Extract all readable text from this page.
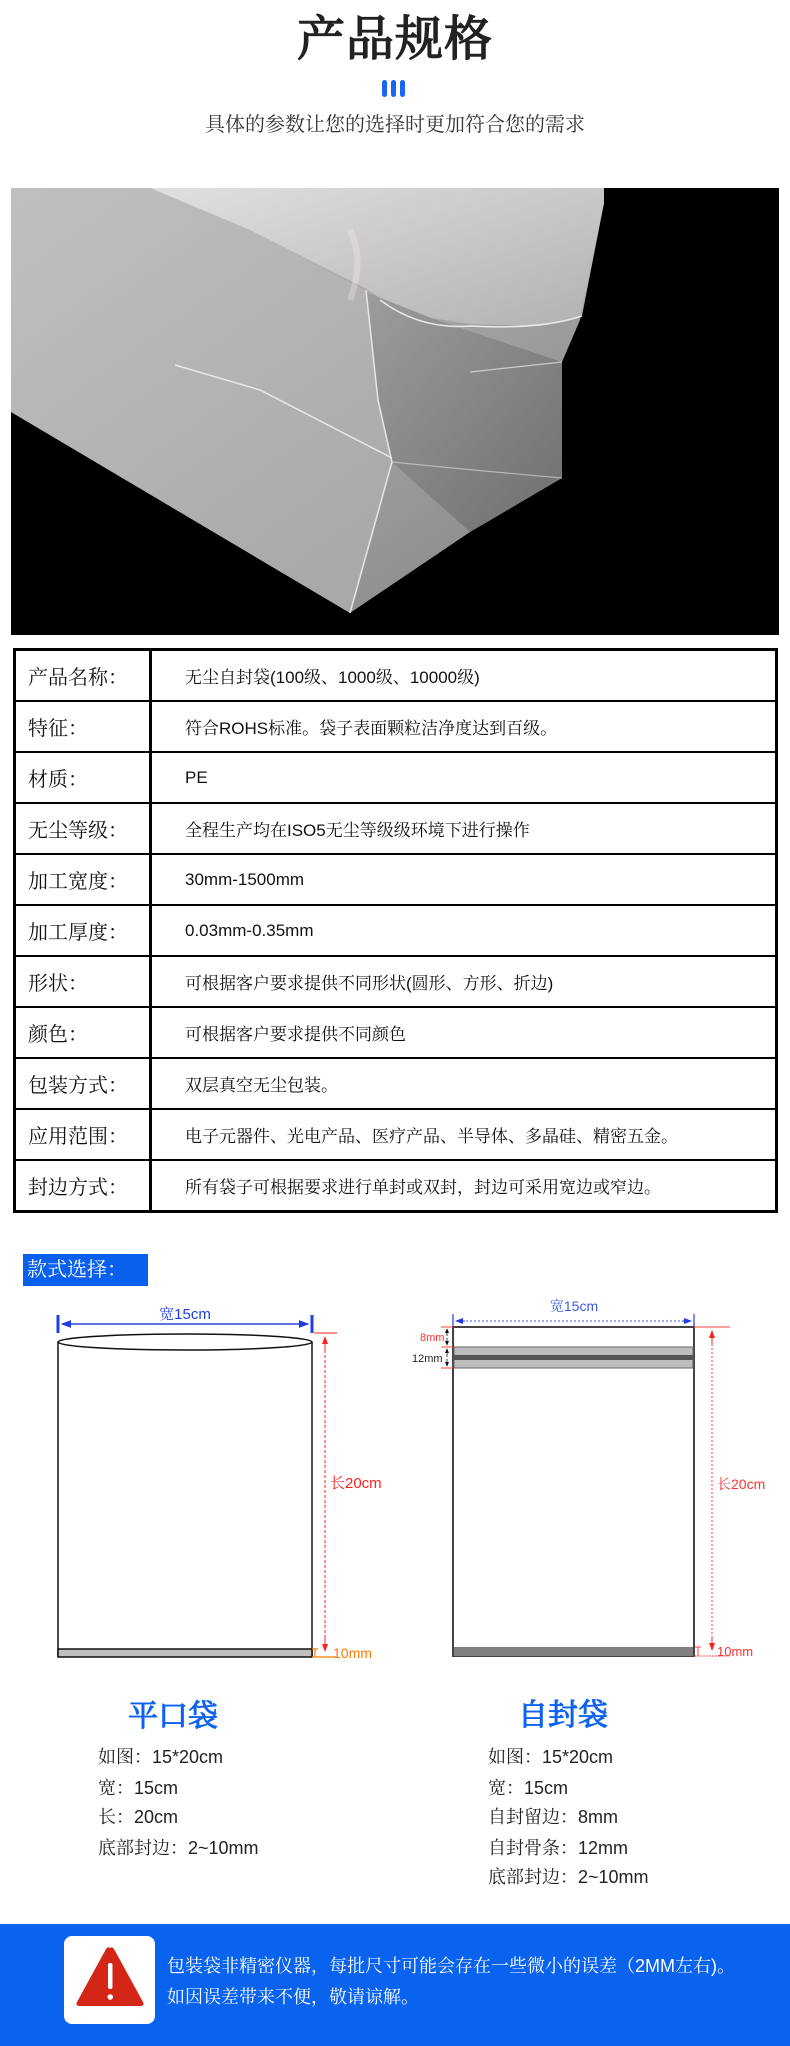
产品规格
具体的参数让您的选择时更加符合您的需求
产品名称：	无尘自封袋(100级、1000级、10000级)
特征：	符合ROHS标准。袋子表面颗粒洁净度达到百级。
材质：	PE
无尘等级：	全程生产均在ISO5无尘等级级环境下进行操作
加工宽度：	30mm-1500mm
加工厚度：	0.03mm-0.35mm
形状：	可根据客户要求提供不同形状(圆形、方形、折边)
颜色：	可根据客户要求提供不同颜色
包装方式：	双层真空无尘包装。
应用范围：	电子元器件、光电产品、医疗产品、半导体、多晶硅、精密五金。
封边方式：	所有袋子可根据要求进行单封或双封，封边可采用宽边或窄边。
款式选择：
宽15cm
长20cm
10mm
宽15cm
8mm
12mm
长20cm
10mm
平口袋
如图：15*20cm
宽：15cm
长：20cm
底部封边：2~10mm
自封袋
如图：15*20cm
宽：15cm
自封留边：8mm
自封骨条：12mm
底部封边：2~10mm
包装袋非精密仪器，每批尺寸可能会存在一些微小的误差（2MM左右)。
如因误差带来不便，敬请谅解。
